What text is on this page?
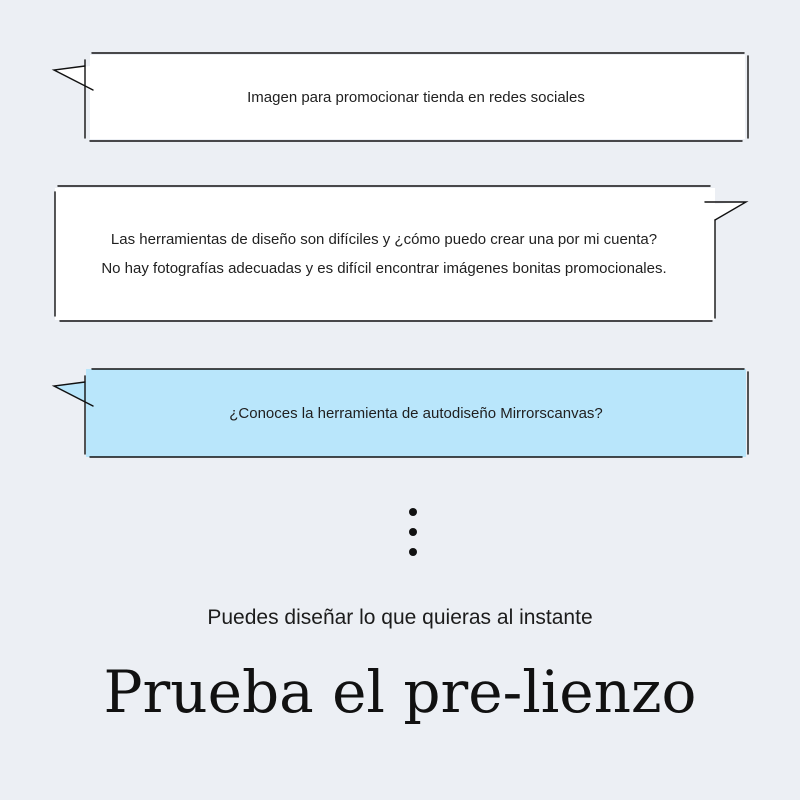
Imagen para promocionar tienda en redes sociales
Las herramientas de diseño son difíciles y ¿cómo puedo crear una por mi cuenta?
No hay fotografías adecuadas y es difícil encontrar imágenes bonitas promocionales.
¿Conoces la herramienta de autodiseño Mirrorscanvas?
Puedes diseñar lo que quieras al instante
Prueba el pre-lienzo
